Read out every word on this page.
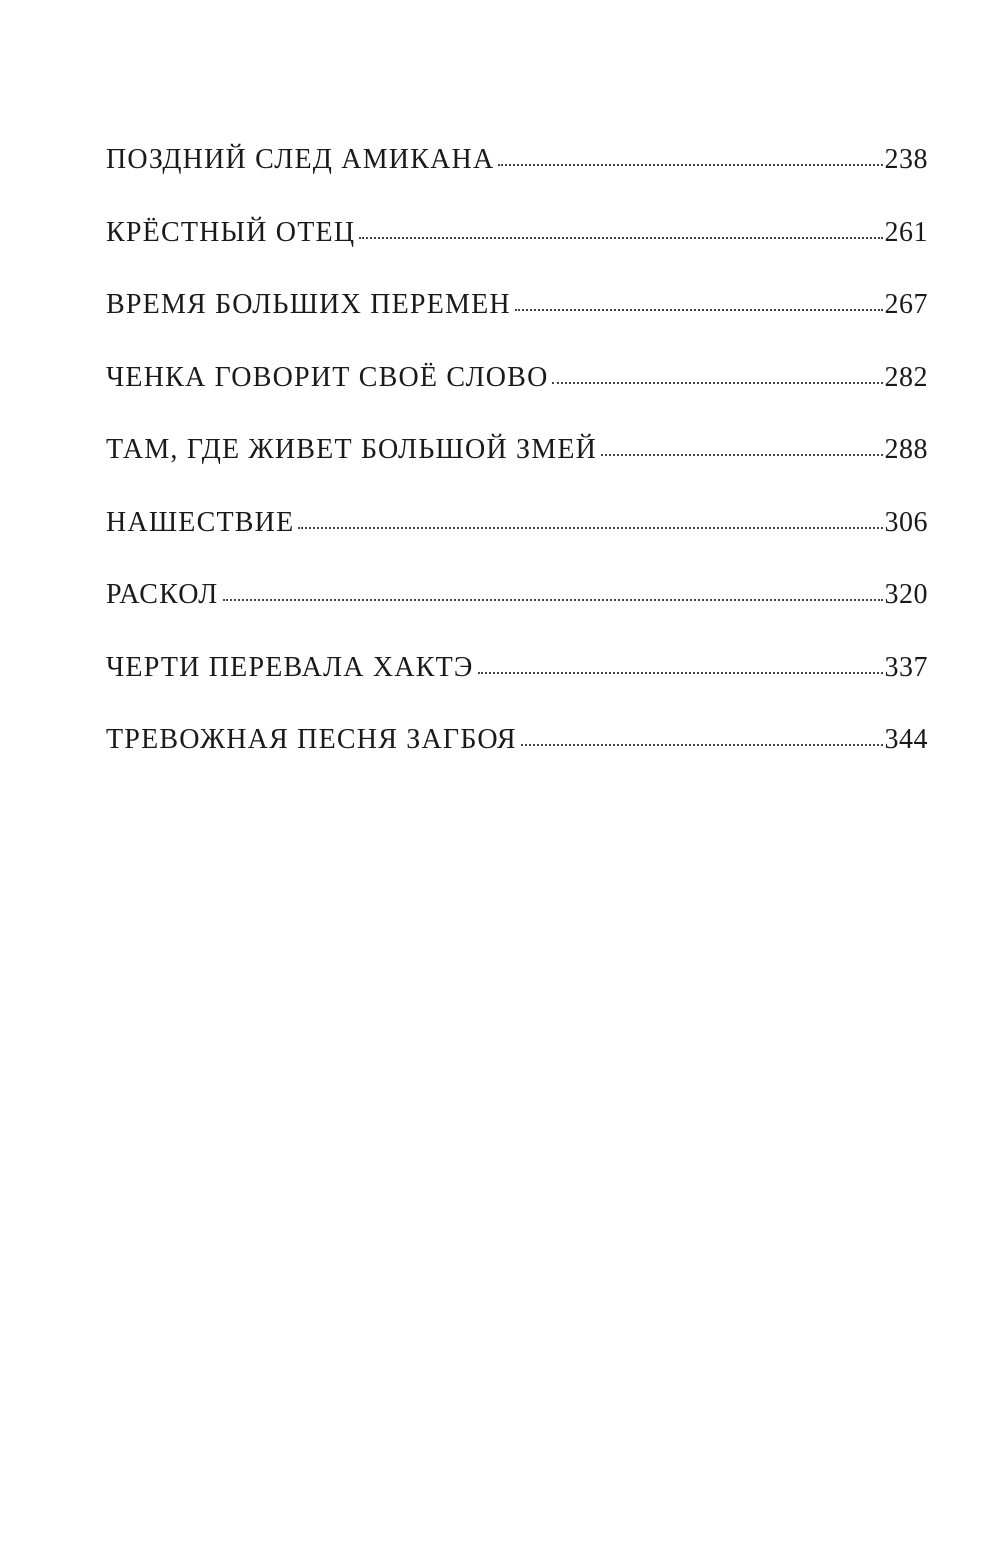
ПОЗДНИЙ СЛЕД АМИКАНА	238
КРЁСТНЫЙ ОТЕЦ	261
ВРЕМЯ БОЛЬШИХ ПЕРЕМЕН	267
ЧЕНКА ГОВОРИТ СВОЁ СЛОВО	282
ТАМ, ГДЕ ЖИВЕТ БОЛЬШОЙ ЗМЕЙ	288
НАШЕСТВИЕ	306
РАСКОЛ	320
ЧЕРТИ ПЕРЕВАЛА ХАКТЭ	337
ТРЕВОЖНАЯ ПЕСНЯ ЗАГБОЯ	344
